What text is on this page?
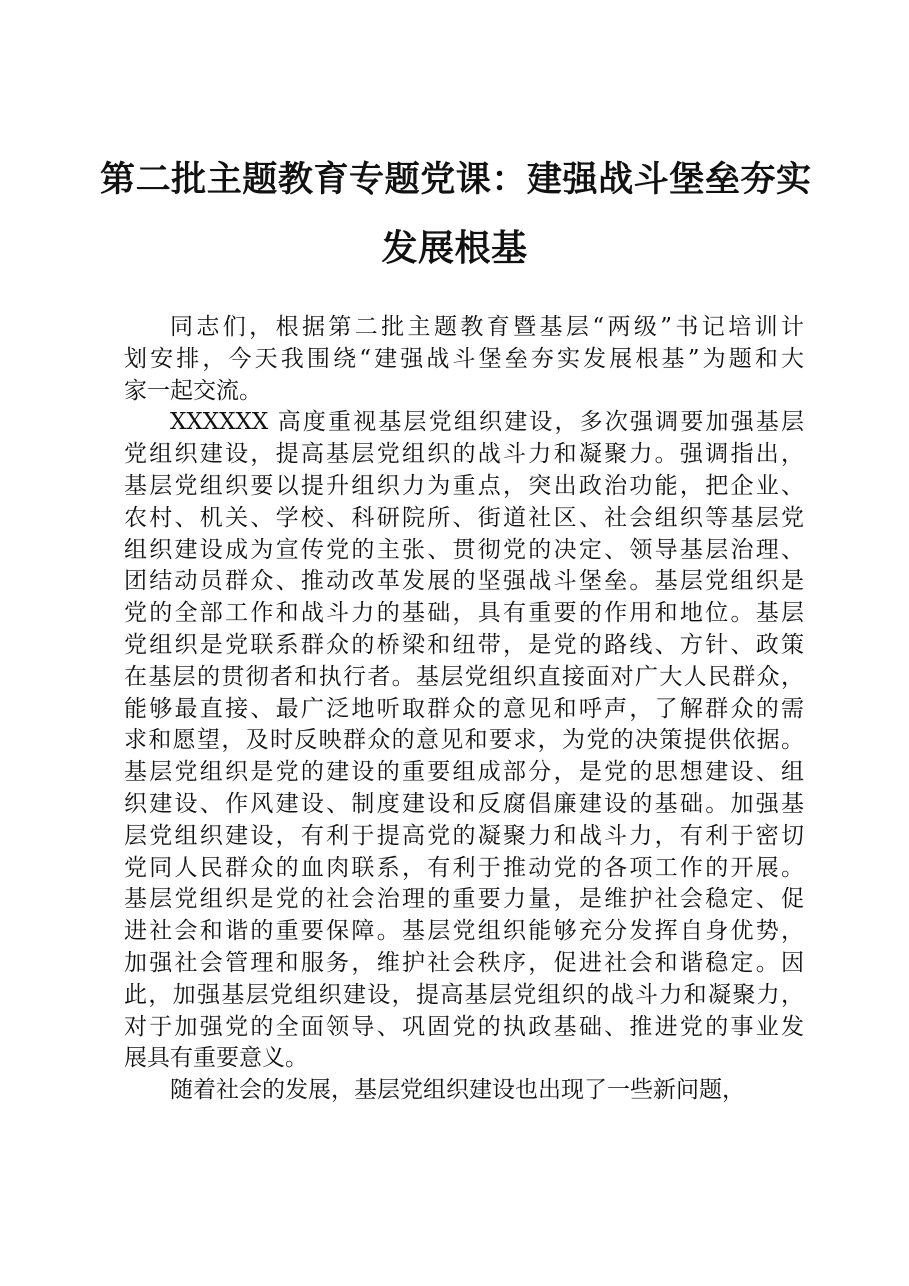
第二批主题教育专题党课：建强战斗堡垒夯实
发展根基
同志们，根据第二批主题教育暨基层“两级”书记培训计
划安排，今天我围绕“建强战斗堡垒夯实发展根基”为题和大
家一起交流。
XXXXXX 高度重视基层党组织建设，多次强调要加强基层
党组织建设，提高基层党组织的战斗力和凝聚力。强调指出，
基层党组织要以提升组织力为重点，突出政治功能，把企业、
农村、机关、学校、科研院所、街道社区、社会组织等基层党
组织建设成为宣传党的主张、贯彻党的决定、领导基层治理、
团结动员群众、推动改革发展的坚强战斗堡垒。基层党组织是
党的全部工作和战斗力的基础，具有重要的作用和地位。基层
党组织是党联系群众的桥梁和纽带，是党的路线、方针、政策
在基层的贯彻者和执行者。基层党组织直接面对广大人民群众，
能够最直接、最广泛地听取群众的意见和呼声，了解群众的需
求和愿望，及时反映群众的意见和要求，为党的决策提供依据。
基层党组织是党的建设的重要组成部分，是党的思想建设、组
织建设、作风建设、制度建设和反腐倡廉建设的基础。加强基
层党组织建设，有利于提高党的凝聚力和战斗力，有利于密切
党同人民群众的血肉联系，有利于推动党的各项工作的开展。
基层党组织是党的社会治理的重要力量，是维护社会稳定、促
进社会和谐的重要保障。基层党组织能够充分发挥自身优势，
加强社会管理和服务，维护社会秩序，促进社会和谐稳定。因
此，加强基层党组织建设，提高基层党组织的战斗力和凝聚力，
对于加强党的全面领导、巩固党的执政基础、推进党的事业发
展具有重要意义。
随着社会的发展，基层党组织建设也出现了一些新问题，
